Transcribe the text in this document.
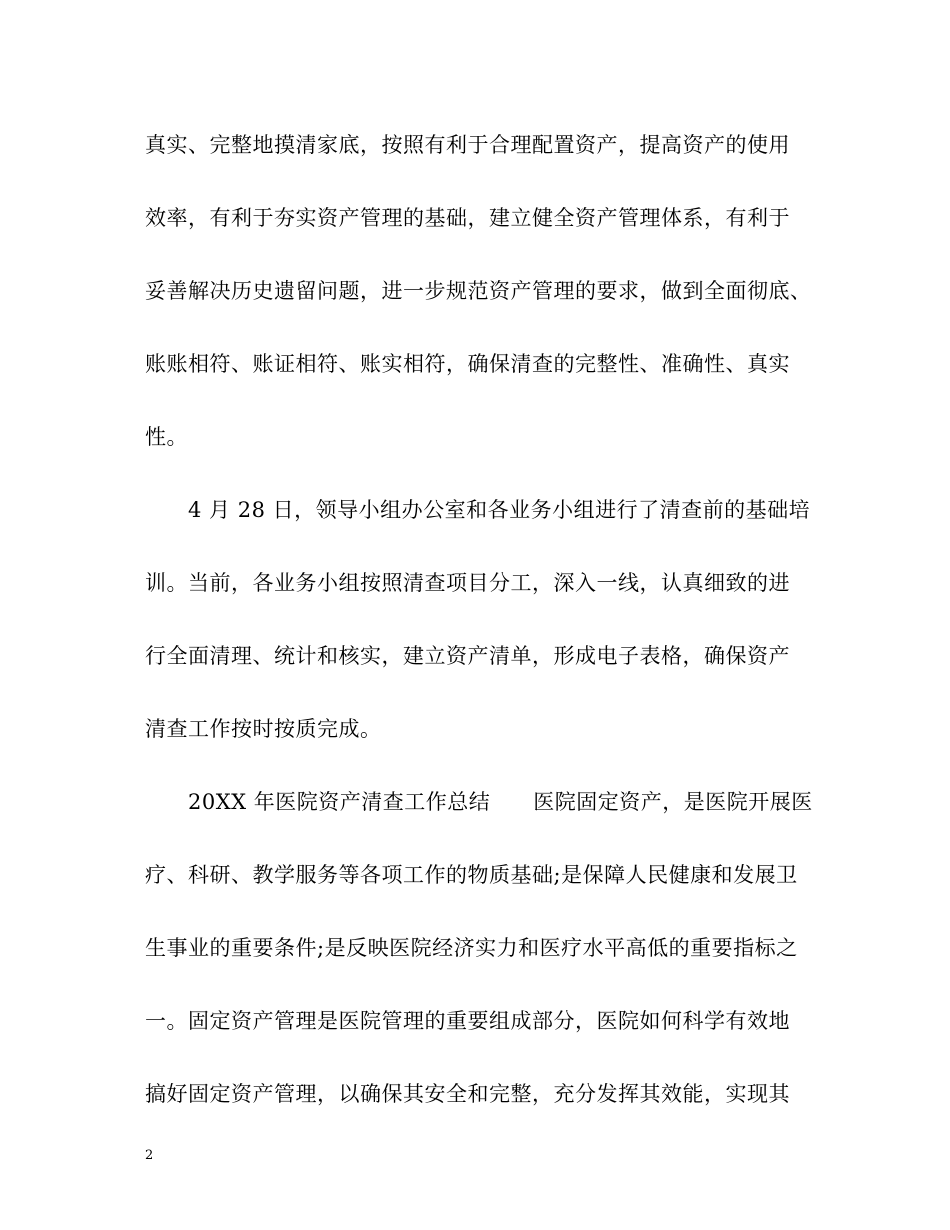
真实、完整地摸清家底，按照有利于合理配置资产，提高资产的使用
效率，有利于夯实资产管理的基础，建立健全资产管理体系，有利于
妥善解决历史遗留问题，进一步规范资产管理的要求，做到全面彻底、
账账相符、账证相符、账实相符，确保清查的完整性、准确性、真实
性。
4 月 28 日，领导小组办公室和各业务小组进行了清查前的基础培
训。当前，各业务小组按照清查项目分工，深入一线，认真细致的进
行全面清理、统计和核实，建立资产清单，形成电子表格，确保资产
清查工作按时按质完成。
20XX 年医院资产清查工作总结　　医院固定资产，是医院开展医
疗、科研、教学服务等各项工作的物质基础;是保障人民健康和发展卫
生事业的重要条件;是反映医院经济实力和医疗水平高低的重要指标之
一。固定资产管理是医院管理的重要组成部分，医院如何科学有效地
搞好固定资产管理，以确保其安全和完整，充分发挥其效能，实现其
2
